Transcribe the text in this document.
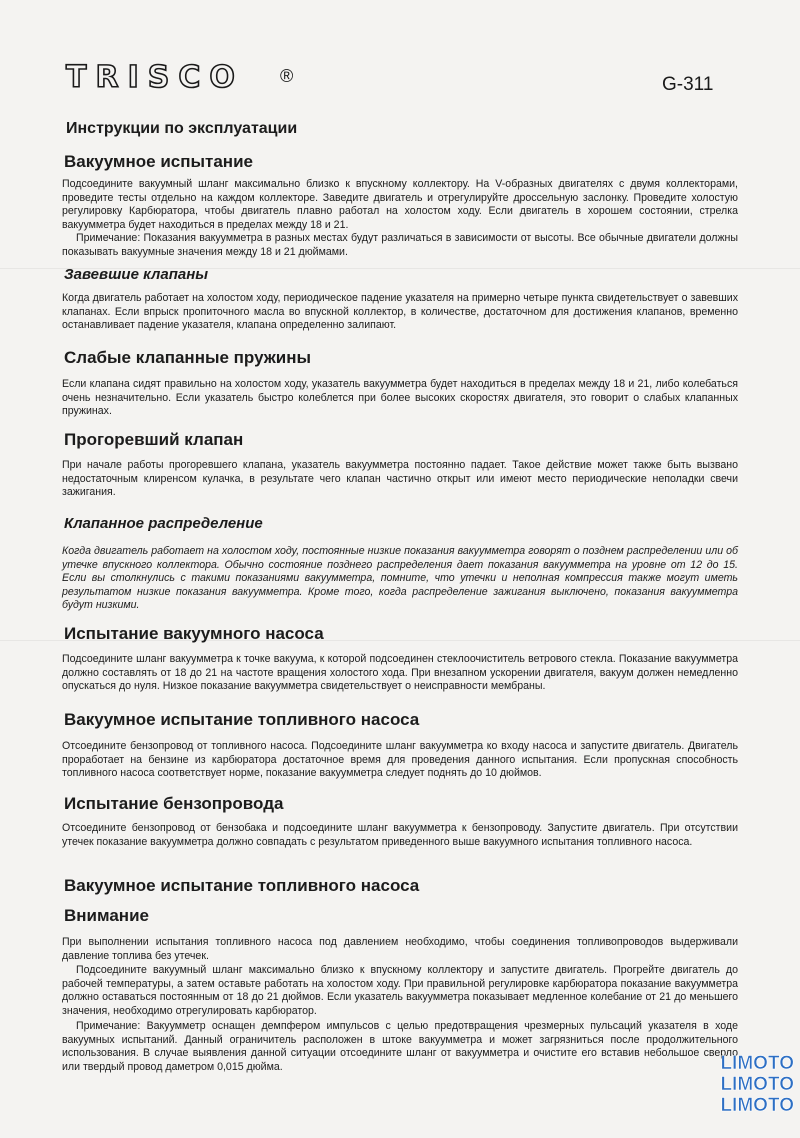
TRISCO ®	G-311
Инструкции по эксплуатации
Вакуумное испытание

Подсоедините вакуумный шланг максимально близко к впускному коллектору. На V-образных двигателях с двумя коллекторами, проведите тесты отдельно на каждом коллекторе. Заведите двигатель и отрегулируйте дроссельную заслонку. Проведите холостую регулировку Карбюратора, чтобы двигатель плавно работал на холостом ходу. Если двигатель в хорошем состоянии, стрелка вакуумметра будет находиться в пределах между 18 и 21.

Примечание: Показания вакуумметра в разных местах будут различаться в зависимости от высоты. Все обычные двигатели должны показывать вакуумные значения между 18 и 21 дюймами.

Завевшие клапаны

Когда двигатель работает на холостом ходу, периодическое падение указателя на примерно четыре пункта свидетельствует о завевших клапанах. Если впрыск пропиточного масла во впускной коллектор, в количестве, достаточном для достижения клапанов, временно останавливает падение указателя, клапана определенно залипают.

Слабые клапанные пружины

Если клапана сидят правильно на холостом ходу, указатель вакуумметра будет находиться в пределах между 18 и 21, либо колебаться очень незначительно. Если указатель быстро колеблется при более высоких скоростях двигателя, это говорит о слабых клапанных пружинах.

Прогоревший клапан

При начале работы прогоревшего клапана, указатель вакуумметра постоянно падает. Такое действие может также быть вызвано недостаточным клиренсом кулачка, в результате чего клапан частично открыт или имеют место периодические неполадки свечи зажигания.

Клапанное распределение

Когда двигатель работает на холостом ходу, постоянные низкие показания вакуумметра говорят о позднем распределении или об утечке впускного коллектора. Обычно состояние позднего распределения дает показания вакуумметра на уровне от 12 до 15. Если вы столкнулись с такими показаниями вакуумметра, помните, что утечки и неполная компрессия также могут иметь результатом низкие показания вакуумметра. Кроме того, когда распределение зажигания выключено, показания вакуумметра будут низкими.

Испытание вакуумного насоса

Подсоедините шланг вакуумметра к точке вакуума, к которой подсоединен стеклоочиститель ветрового стекла. Показание вакуумметра должно составлять от 18 до 21 на частоте вращения холостого хода. При внезапном ускорении двигателя, вакуум должен немедленно опускаться до нуля. Низкое показание вакуумметра свидетельствует о неисправности мембраны.

Вакуумное испытание топливного насоса

Отсоедините бензопровод от топливного насоса. Подсоедините шланг вакуумметра ко входу насоса и запустите двигатель. Двигатель проработает на бензине из карбюратора достаточное время для проведения данного испытания. Если пропускная способность топливного насоса соответствует норме, показание вакуумметра следует поднять до 10 дюймов.

Испытание бензопровода

Отсоедините бензопровод от бензобака и подсоедините шланг вакуумметра к бензопроводу. Запустите двигатель. При отсутствии утечек показание вакуумметра должно совпадать с результатом приведенного выше вакуумного испытания топливного насоса.

Вакуумное испытание топливного насоса
Внимание

При выполнении испытания топливного насоса под давлением необходимо, чтобы соединения топливопроводов выдерживали давление топлива без утечек.

Подсоедините вакуумный шланг максимально близко к впускному коллектору и запустите двигатель. Прогрейте двигатель до рабочей температуры, а затем оставьте работать на холостом ходу. При правильной регулировке карбюратора показание вакуумметра должно оставаться постоянным от 18 до 21 дюймов. Если указатель вакуумметра показывает медленное колебание от 21 до меньшего значения, необходимо отрегулировать карбюратор.

Примечание: Вакуумметр оснащен демпфером импульсов с целью предотвращения чрезмерных пульсаций указателя в ходе вакуумных испытаний. Данный ограничитель расположен в штоке вакуумметра и может загрязниться после продолжительного использования. В случае выявления данной ситуации отсоедините шланг от вакуумметра и очистите его вставив небольшое сверло или твердый провод даметром 0,015 дюйма.	LIMOTO
LIMOTO
LIMOTO
